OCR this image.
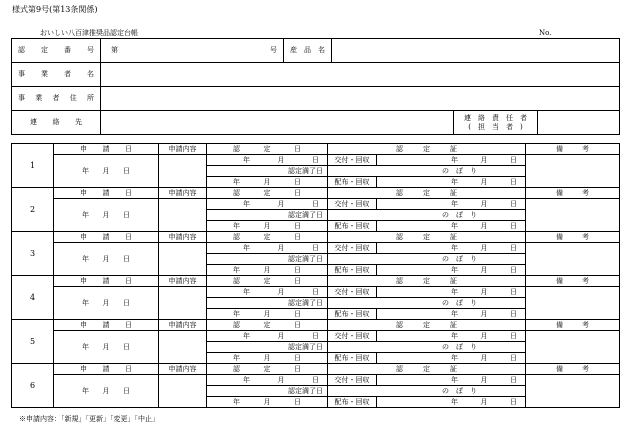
様式第9号(第13条関係)
おいしい八百津推奨品認定台帳	No.
認　定　番　号	第 号	産　品　名			
事　業　者　名					
事　業　者　住　所					
連　絡　先				連　絡　責　任　者
(　担　当　者　)	

1	申　請　日	申請内容	認　定　日	認　定　証		備　考

	年 月 日		年 月 日	交付・回収	年 月 日	

			認定満了日	の　ぼ　り		

			年 月 日	配布・回収	年 月 日	

2	申　請　日	申請内容	認　定　日	認　定　証		備　考

	年 月 日		年 月 日	交付・回収	年 月 日	

			認定満了日	の　ぼ　り		

			年 月 日	配布・回収	年 月 日	

3	申　請　日	申請内容	認　定　日	認　定　証		備　考

	年 月 日		年 月 日	交付・回収	年 月 日	

			認定満了日	の　ぼ　り		

			年 月 日	配布・回収	年 月 日	

4	申　請　日	申請内容	認　定　日	認　定　証		備　考

	年 月 日		年 月 日	交付・回収	年 月 日	

			認定満了日	の　ぼ　り		

			年 月 日	配布・回収	年 月 日	

5	申　請　日	申請内容	認　定　日	認　定　証		備　考

	年 月 日		年 月 日	交付・回収	年 月 日	

			認定満了日	の　ぼ　り		

			年 月 日	配布・回収	年 月 日	

6	申　請　日	申請内容	認　定　日	認　定　証		備　考

	年 月 日		年 月 日	交付・回収	年 月 日	

			認定満了日	の　ぼ　り		

			年 月 日	配布・回収	年 月 日	
※申請内容：「新規」「更新」「変更」「中止」
